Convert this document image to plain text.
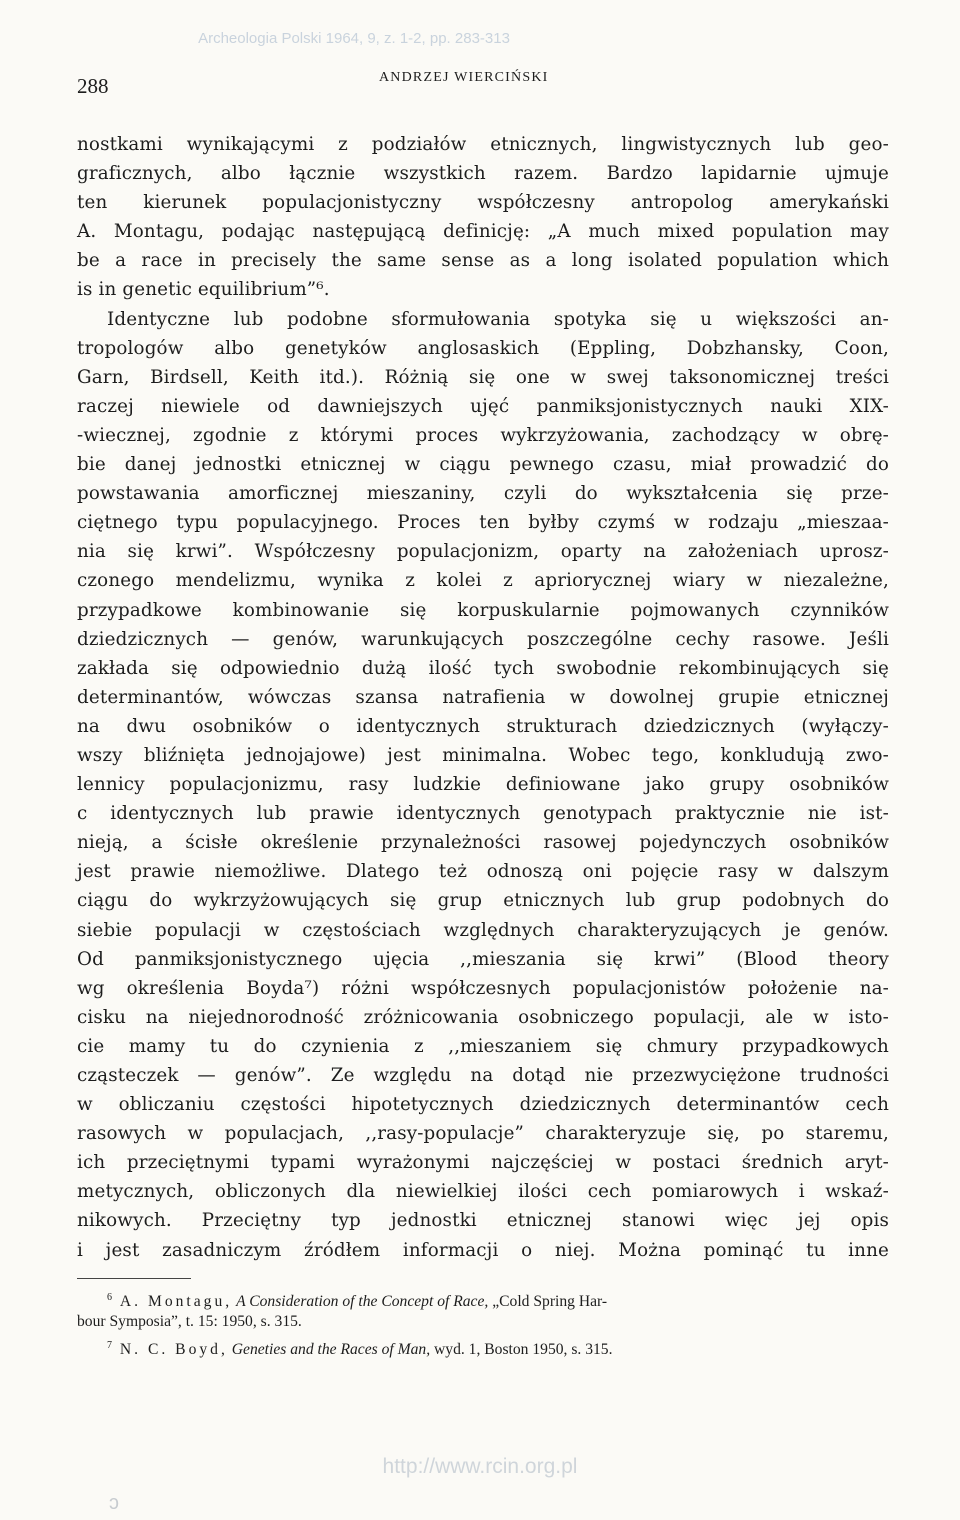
Archeologia Polski 1964, 9, z. 1-2, pp. 283-313
288	ANDRZEJ WIERCIŃSKI
nostkami wynikającymi z podziałów etnicznych, lingwistycznych lub geo-
graficznych, albo łącznie wszystkich razem. Bardzo lapidarnie ujmuje
ten kierunek populacjonistyczny współczesny antropolog amerykański
A. Montagu, podając następującą definicję: „A much mixed population may
be a race in precisely the same sense as a long isolated population which
is in genetic equilibrium”⁶.
Identyczne lub podobne sformułowania spotyka się u większości an-
tropologów albo genetyków anglosaskich (Eppling, Dobzhansky, Coon,
Garn, Birdsell, Keith itd.). Różnią się one w swej taksonomicznej treści
raczej niewiele od dawniejszych ujęć panmiksjonistycznych nauki XIX-
-wiecznej, zgodnie z którymi proces wykrzyżowania, zachodzący w obrę-
bie danej jednostki etnicznej w ciągu pewnego czasu, miał prowadzić do
powstawania amorficznej mieszaniny, czyli do wykształcenia się prze-
ciętnego typu populacyjnego. Proces ten byłby czymś w rodzaju „mieszaa-
nia się krwi”. Współczesny populacjonizm, oparty na założeniach uprosz-
czonego mendelizmu, wynika z kolei z apriorycznej wiary w niezależne,
przypadkowe kombinowanie się korpuskularnie pojmowanych czynników
dziedzicznych — genów, warunkujących poszczególne cechy rasowe. Jeśli
zakłada się odpowiednio dużą ilość tych swobodnie rekombinujących się
determinantów, wówczas szansa natrafienia w dowolnej grupie etnicznej
na dwu osobników o identycznych strukturach dziedzicznych (wyłączy-
wszy bliźnięta jednojajowe) jest minimalna. Wobec tego, konkludują zwo-
lennicy populacjonizmu, rasy ludzkie definiowane jako grupy osobników
c identycznych lub prawie identycznych genotypach praktycznie nie ist-
nieją, a ścisłe określenie przynależności rasowej pojedynczych osobników
jest prawie niemożliwe. Dlatego też odnoszą oni pojęcie rasy w dalszym
ciągu do wykrzyżowujących się grup etnicznych lub grup podobnych do
siebie populacji w częstościach względnych charakteryzujących je genów.
Od panmiksjonistycznego ujęcia ,,mieszania się krwi” (Blood theory
wg określenia Boyda⁷) różni współczesnych populacjonistów położenie na-
cisku na niejednorodność zróżnicowania osobniczego populacji, ale w isto-
cie mamy tu do czynienia z ,,mieszaniem się chmury przypadkowych
cząsteczek — genów”. Ze względu na dotąd nie przezwyciężone trudności
w obliczaniu częstości hipotetycznych dziedzicznych determinantów cech
rasowych w populacjach, ,,rasy-populacje” charakteryzuje się, po staremu,
ich przeciętnymi typami wyrażonymi najczęściej w postaci średnich aryt-
metycznych, obliczonych dla niewielkiej ilości cech pomiarowych i wskaź-
nikowych. Przeciętny typ jednostki etnicznej stanowi więc jej opis
i jest zasadniczym źródłem informacji o niej. Można pominąć tu inne
$^6$ A. Montagu, A Consideration of the Concept of Race, „Cold Spring Har-
bour Symposia”, t. 15: 1950, s. 315.
$^7$ N. C. Boyd, Geneties and the Races of Man, wyd. 1, Boston 1950, s. 315.
http://www.rcin.org.pl
ↄ
